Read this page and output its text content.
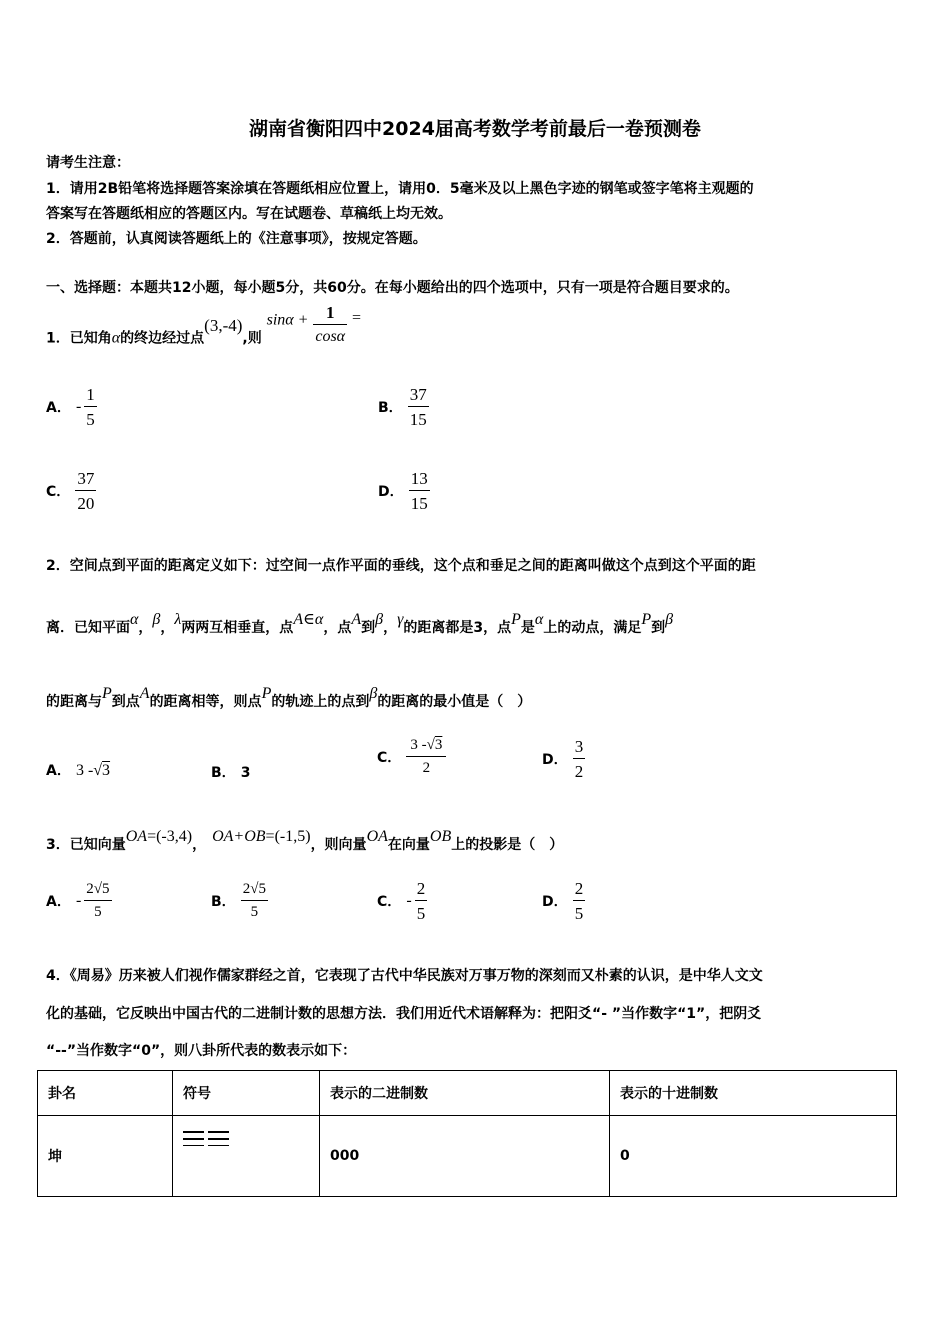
湖南省衡阳四中2024届高考数学考前最后一卷预测卷
请考生注意：
1．请用2B铅笔将选择题答案涂填在答题纸相应位置上，请用0．5毫米及以上黑色字迹的钢笔或签字笔将主观题的
答案写在答题纸相应的答题区内。写在试题卷、草稿纸上均无效。
2．答题前，认真阅读答题纸上的《注意事项》，按规定答题。
一、选择题：本题共12小题，每小题5分，共60分。在每小题给出的四个选项中，只有一项是符合题目要求的。
1．已知角α的终边经过点(3,-4),则 $\sin\alpha + \frac{1}{\cos\alpha}$ =
A． - $\frac{1}{5}$	B． $\frac{37}{15}$
C． $\frac{37}{20}$	D． $\frac{13}{15}$
2．空间点到平面的距离定义如下：过空间一点作平面的垂线，这个点和垂足之间的距离叫做这个点到这个平面的距
离．已知平面α，β，λ两两互相垂直，点A∈α，点A到β，γ的距离都是3，点P是α上的动点，满足P到β
的距离与P到点A的距离相等，则点P的轨迹上的点到β的距离的最小值是（　）
A． 3 -√3	B． 3
C． $\frac{3 -√3}{2}$	D． $\frac{3}{2}$
3．已知向量OA=(-3,4)， OA+OB=(-1,5)，则向量OA在向量OB上的投影是（　）
A． - $\frac{2√5}{5}$	B． $\frac{2√5}{5}$	C． - $\frac{2}{5}$	D． $\frac{2}{5}$
4．《周易》历来被人们视作儒家群经之首，它表现了古代中华民族对万事万物的深刻而又朴素的认识，是中华人文文
化的基础，它反映出中国古代的二进制计数的思想方法．我们用近代术语解释为：把阳爻“- ”当作数字“1”，把阴爻
“--”当作数字“0”，则八卦所代表的数表示如下：
卦名	符号	表示的二进制数	表示的十进制数
坤		000	0
